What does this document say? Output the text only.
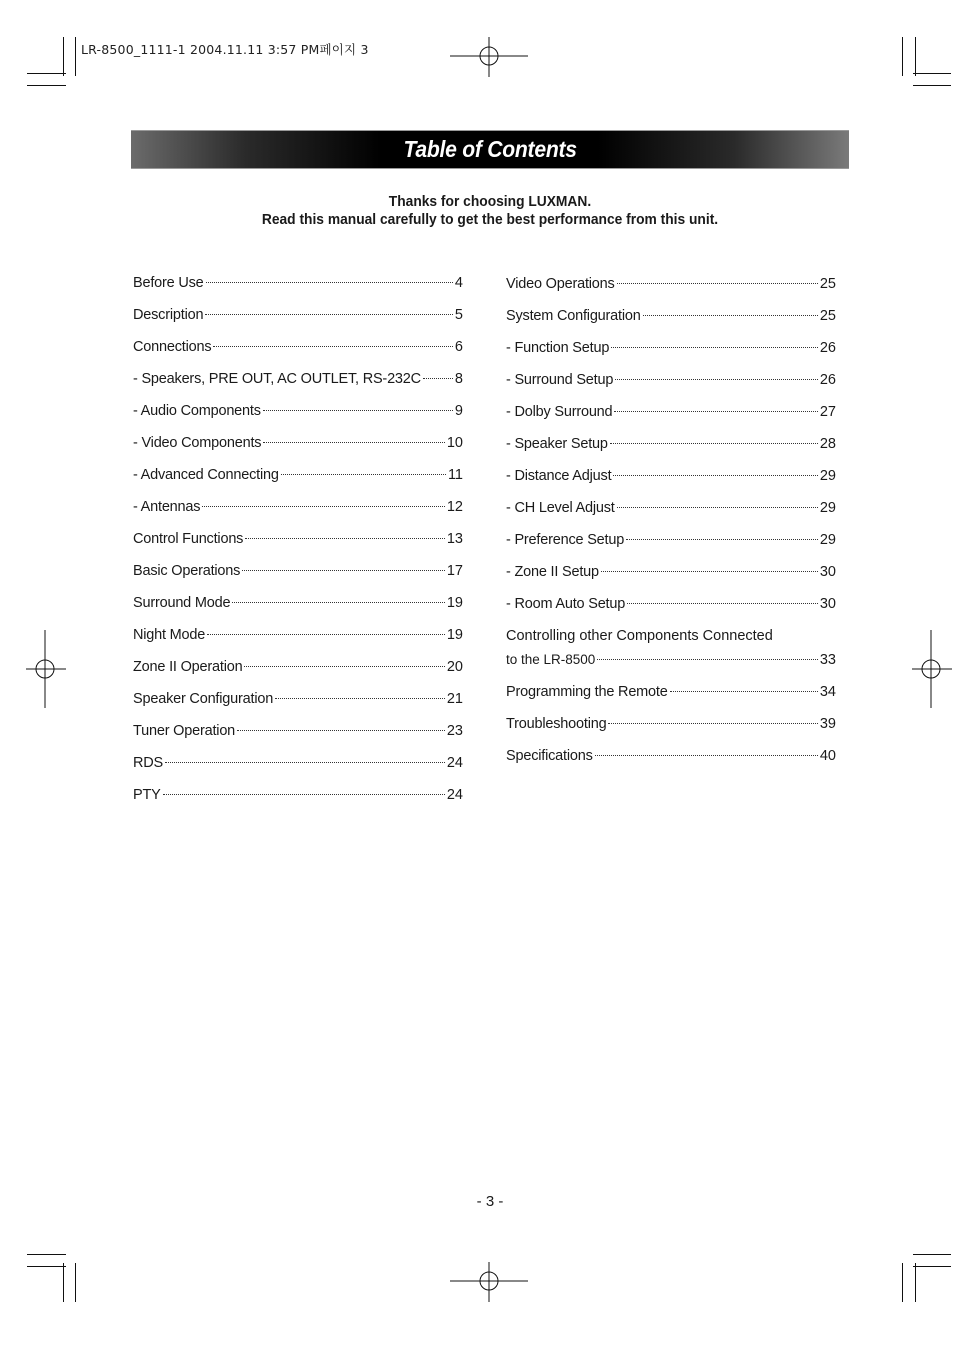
LR-8500_1111-1 2004.11.11 3:57 PM페이지 3
Table of Contents
Thanks for choosing LUXMAN.
Read this manual carefully to get the best performance from this unit.
Before Use	4
Description	5
Connections	6
- Speakers, PRE OUT, AC OUTLET, RS-232C 8
- Audio Components	9
- Video Components	10
- Advanced Connecting	11
- Antennas	12
Control Functions	13
Basic Operations	17
Surround Mode	19
Night Mode	19
Zone II Operation	20
Speaker Configuration	21
Tuner Operation	23
RDS	24
PTY	24
Video Operations	25
System Configuration	25
- Function Setup	26
- Surround Setup	26
- Dolby Surround	27
- Speaker Setup	28
- Distance Adjust	29
- CH Level Adjust	29
- Preference Setup	29
- Zone II Setup	30
- Room Auto Setup	30
Controlling other Components Connected
to the LR-8500	33
Programming the Remote	34
Troubleshooting	39
Specifications	40
- 3 -
